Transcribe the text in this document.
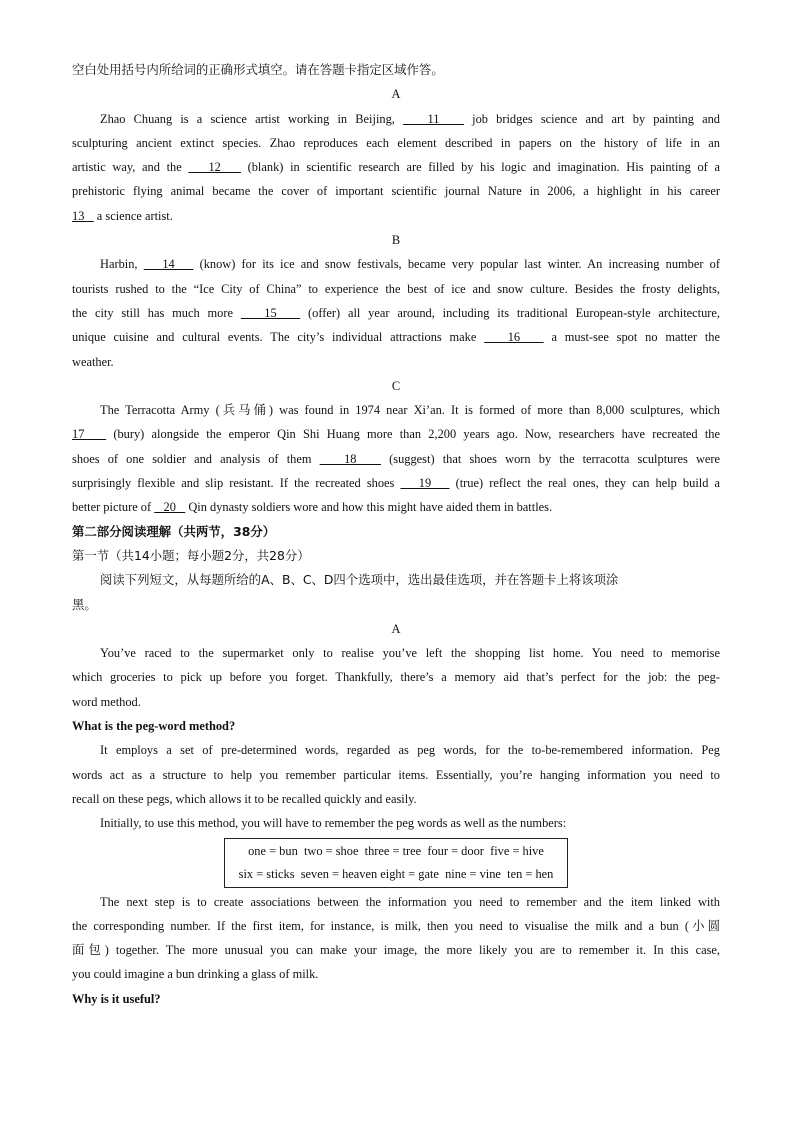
空白处用括号内所给词的正确形式填空。请在答题卡指定区域作答。
A
Zhao Chuang is a science artist working in Beijing,    11    job bridges science and art by painting and
sculpturing ancient extinct species. Zhao reproduces each element described in papers on the history of life in an
artistic way, and the    12    (blank) in scientific research are filled by his logic and imagination. His painting of a
prehistoric flying animal became the cover of important scientific journal Nature in 2006, a highlight in his career
13    a science artist.
B
Harbin,    14    (know) for its ice and snow festivals, became very popular last winter. An increasing number of
tourists rushed to the “Ice City of China” to experience the best of ice and snow culture. Besides the frosty delights,
the city still has much more    15    (offer) all year around, including its traditional European-style architecture,
unique cuisine and cultural events. The city’s individual attractions make    16    a must-see spot no matter the
weather.
C
The Terracotta Army (兵马俑) was found in 1974 near Xi’an. It is formed of more than 8,000 sculptures, which
17    (bury) alongside the emperor Qin Shi Huang more than 2,200 years ago. Now, researchers have recreated the
shoes of one soldier and analysis of them    18    (suggest) that shoes worn by the terracotta sculptures were
surprisingly flexible and slip resistant. If the recreated shoes    19    (true) reflect the real ones, they can help build a
better picture of    20    Qin dynasty soldiers wore and how this might have aided them in battles.
第二部分阅读理解（共两节，38分）
第一节（共14小题；每小题2分，共28分）
阅读下列短文，从每题所给的A、B、C、D四个选项中，选出最佳选项，并在答题卡上将该项涂
黑。
A
You’ve raced to the supermarket only to realise you’ve left the shopping list home. You need to memorise
which groceries to pick up before you forget. Thankfully, there’s a memory aid that’s perfect for the job: the peg-
word method.
What is the peg-word method?
It employs a set of pre-determined words, regarded as peg words, for the to-be-remembered information. Peg
words act as a structure to help you remember particular items. Essentially, you’re hanging information you need to
recall on these pegs, which allows it to be recalled quickly and easily.
Initially, to use this method, you will have to remember the peg words as well as the numbers:
one = bun  two = shoe  three = tree  four = door  five = hive
six = sticks  seven = heaven eight = gate  nine = vine  ten = hen
The next step is to create associations between the information you need to remember and the item linked with
the corresponding number. If the first item, for instance, is milk, then you need to visualise the milk and a bun (小圆
面包) together. The more unusual you can make your image, the more likely you are to remember it. In this case,
you could imagine a bun drinking a glass of milk.
Why is it useful?
